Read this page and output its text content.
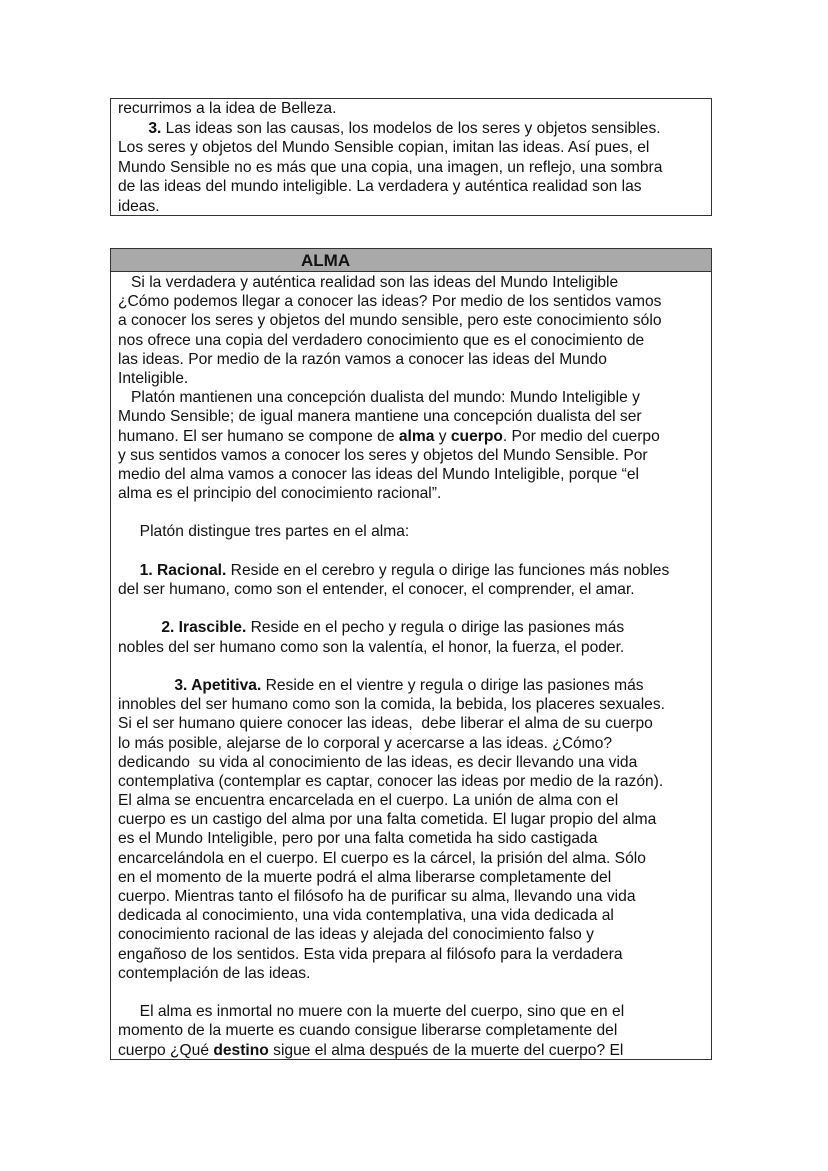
recurrimos a la idea de Belleza.
3. Las ideas son las causas, los modelos de los seres y objetos sensibles.
Los seres y objetos del Mundo Sensible copian, imitan las ideas. Así pues, el
Mundo Sensible no es más que una copia, una imagen, un reflejo, una sombra
de las ideas del mundo inteligible. La verdadera y auténtica realidad son las
ideas.
ALMA
Si la verdadera y auténtica realidad son las ideas del Mundo Inteligible
¿Cómo podemos llegar a conocer las ideas? Por medio de los sentidos vamos
a conocer los seres y objetos del mundo sensible, pero este conocimiento sólo
nos ofrece una copia del verdadero conocimiento que es el conocimiento de
las ideas. Por medio de la razón vamos a conocer las ideas del Mundo
Inteligible.
Platón mantienen una concepción dualista del mundo: Mundo Inteligible y
Mundo Sensible; de igual manera mantiene una concepción dualista del ser
humano. El ser humano se compone de alma y cuerpo. Por medio del cuerpo
y sus sentidos vamos a conocer los seres y objetos del Mundo Sensible. Por
medio del alma vamos a conocer las ideas del Mundo Inteligible, porque “el
alma es el principio del conocimiento racional”.
Platón distingue tres partes en el alma:
1. Racional. Reside en el cerebro y regula o dirige las funciones más nobles
del ser humano, como son el entender, el conocer, el comprender, el amar.
2. Irascible. Reside en el pecho y regula o dirige las pasiones más
nobles del ser humano como son la valentía, el honor, la fuerza, el poder.
3. Apetitiva. Reside en el vientre y regula o dirige las pasiones más
innobles del ser humano como son la comida, la bebida, los placeres sexuales.
Si el ser humano quiere conocer las ideas,  debe liberar el alma de su cuerpo
lo más posible, alejarse de lo corporal y acercarse a las ideas. ¿Cómo?
dedicando  su vida al conocimiento de las ideas, es decir llevando una vida
contemplativa (contemplar es captar, conocer las ideas por medio de la razón).
El alma se encuentra encarcelada en el cuerpo. La unión de alma con el
cuerpo es un castigo del alma por una falta cometida. El lugar propio del alma
es el Mundo Inteligible, pero por una falta cometida ha sido castigada
encarcelándola en el cuerpo. El cuerpo es la cárcel, la prisión del alma. Sólo
en el momento de la muerte podrá el alma liberarse completamente del
cuerpo. Mientras tanto el filósofo ha de purificar su alma, llevando una vida
dedicada al conocimiento, una vida contemplativa, una vida dedicada al
conocimiento racional de las ideas y alejada del conocimiento falso y
engañoso de los sentidos. Esta vida prepara al filósofo para la verdadera
contemplación de las ideas.
El alma es inmortal no muere con la muerte del cuerpo, sino que en el
momento de la muerte es cuando consigue liberarse completamente del
cuerpo ¿Qué destino sigue el alma después de la muerte del cuerpo? El
